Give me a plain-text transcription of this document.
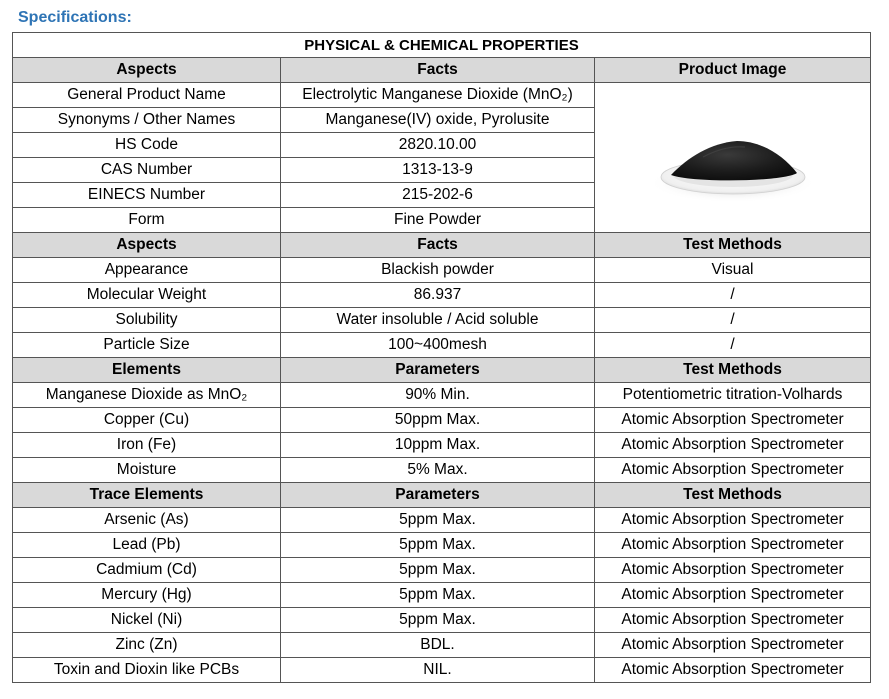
Specifications:
PHYSICAL & CHEMICAL PROPERTIES		
Aspects	Facts	Product Image
General Product Name	Electrolytic Manganese Dioxide (MnO₂)	

Synonyms / Other Names	Manganese(IV) oxide, Pyrolusite	
HS Code	2820.10.00	
CAS Number	1313-13-9	
EINECS Number	215-202-6	
Form	Fine Powder	
Aspects	Facts	Test Methods
Appearance	Blackish powder	Visual
Molecular Weight	86.937	/
Solubility	Water insoluble / Acid soluble	/
Particle Size	100~400mesh	/
Elements	Parameters	Test Methods
Manganese Dioxide as MnO₂	90% Min.	Potentiometric titration-Volhards
Copper (Cu)	50ppm Max.	Atomic Absorption Spectrometer
Iron (Fe)	10ppm Max.	Atomic Absorption Spectrometer
Moisture	5% Max.	Atomic Absorption Spectrometer
Trace Elements	Parameters	Test Methods
Arsenic (As)	5ppm Max.	Atomic Absorption Spectrometer
Lead (Pb)	5ppm Max.	Atomic Absorption Spectrometer
Cadmium (Cd)	5ppm Max.	Atomic Absorption Spectrometer
Mercury (Hg)	5ppm Max.	Atomic Absorption Spectrometer
Nickel (Ni)	5ppm Max.	Atomic Absorption Spectrometer
Zinc (Zn)	BDL.	Atomic Absorption Spectrometer
Toxin and Dioxin like PCBs	NIL.	Atomic Absorption Spectrometer
